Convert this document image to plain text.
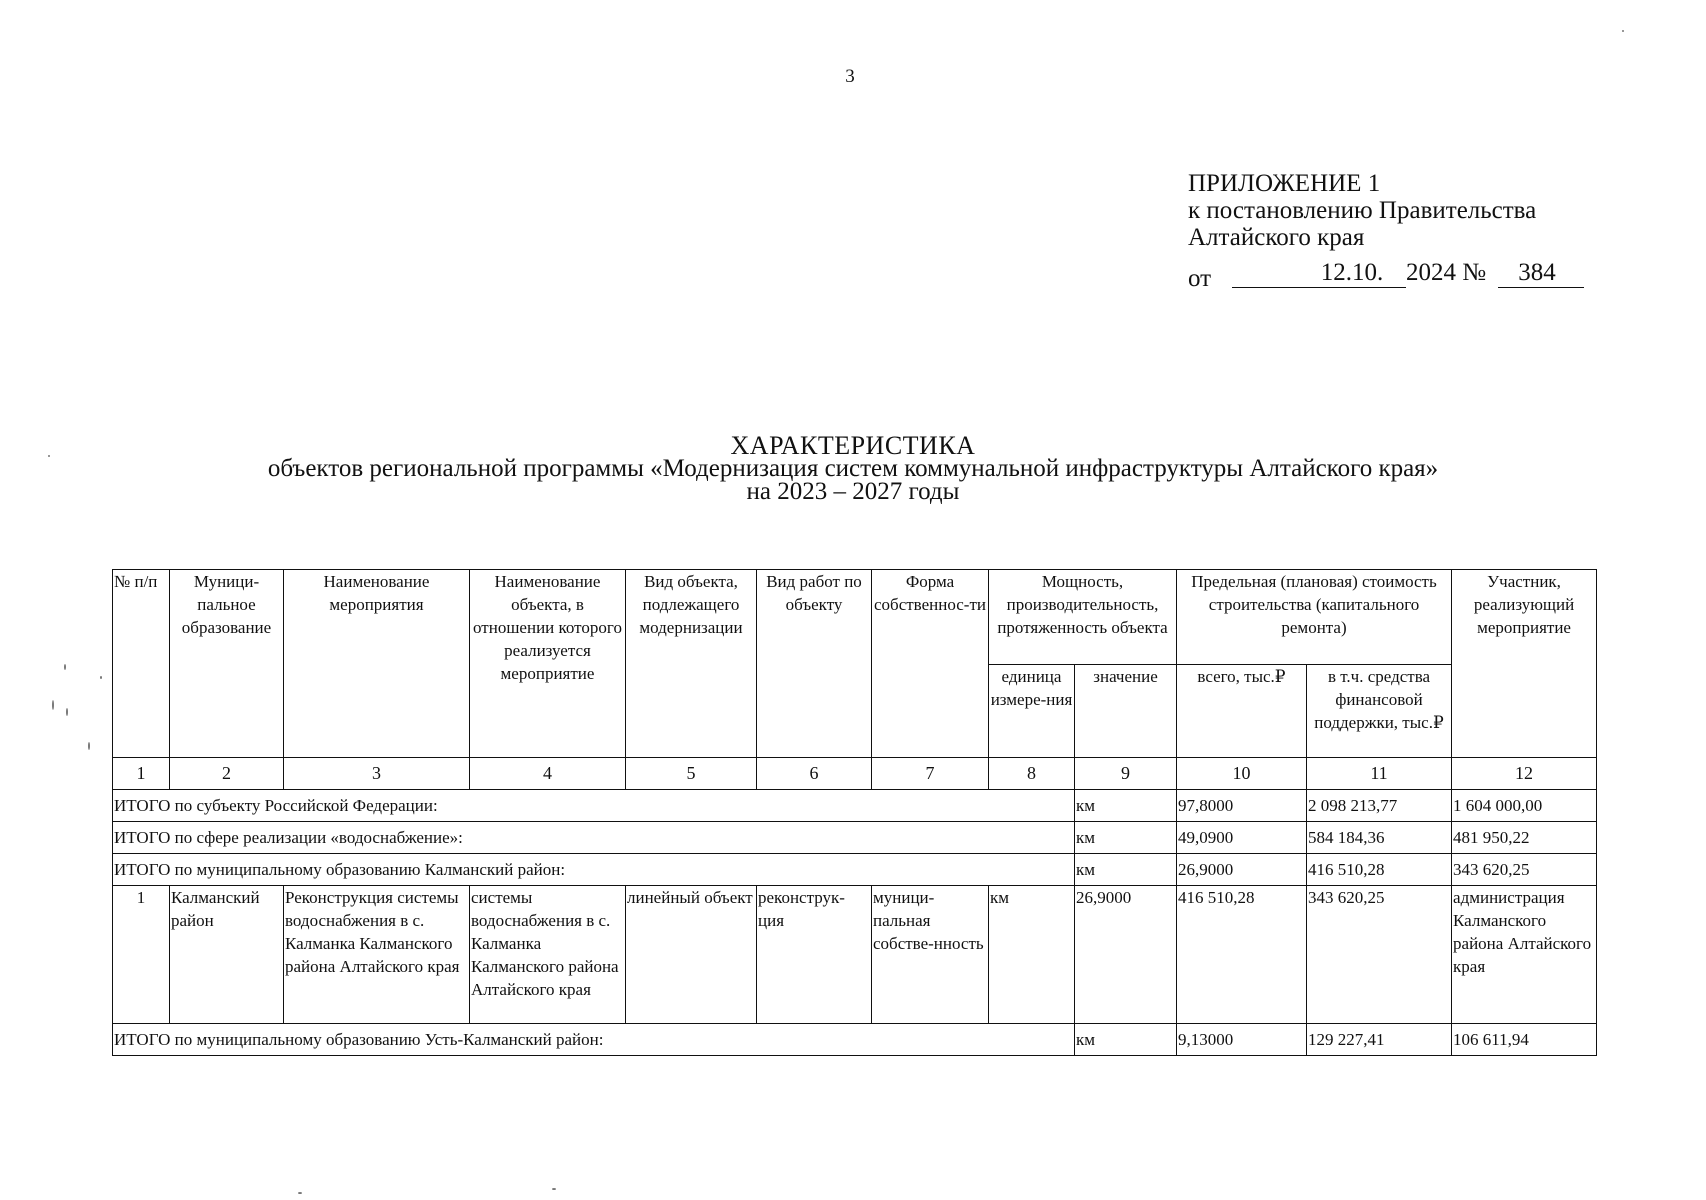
3
ПРИЛОЖЕНИЕ 1
к постановлению Правительства
Алтайского края
от	12.10. 2024 № 384
ХАРАКТЕРИСТИКА
объектов региональной программы «Модернизация систем коммунальной инфраструктуры Алтайского края»
на 2023 – 2027 годы
№ п/п	Муници-пальное образование	Наименование мероприятия	Наименование объекта, в отношении которого реализуется мероприятие	Вид объекта, подлежащего модернизации	Вид работ по объекту	Форма собственнос-ти	Мощность, производительность, протяженность объекта		Предельная (плановая) стоимость строительства (капитального ремонта)		Участник, реализующий мероприятие	
							единица измере-ния	значение	всего, тыс.₽	в т.ч. средства финансовой поддержки, тыс.₽		
1	2	3	4	5	6	7	8	9	10	11	12	
ИТОГО по субъекту Российской Федерации:								км	97,8000	2 098 213,77	1 604 000,00	
ИТОГО по сфере реализации «водоснабжение»:								км	49,0900	584 184,36	481 950,22	
ИТОГО по муниципальному образованию Калманский район:								км	26,9000	416 510,28	343 620,25	
1	Калманский район	Реконструкция системы водоснабжения в с. Калманка Калманского района Алтайского края	системы водоснабжения в с. Калманка Калманского района Алтайского края	линейный объект	реконструк-ция	муници-пальная собстве-нность	км	26,9000	416 510,28	343 620,25	администрация Калманского района Алтайского края	
ИТОГО по муниципальному образованию Усть-Калманский район:								км	9,13000	129 227,41	106 611,94	
